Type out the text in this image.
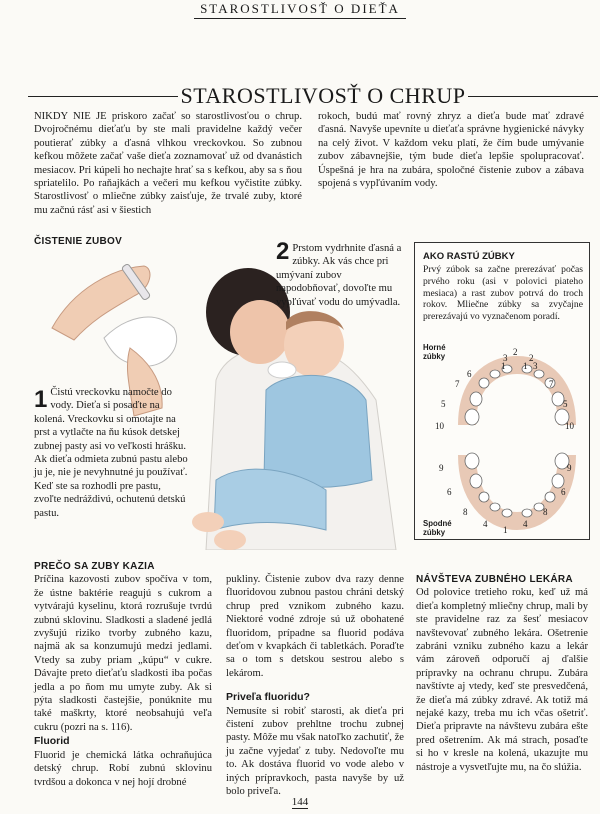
STAROSTLIVOSŤ O DIEŤA
STAROSTLIVOSŤ O CHRUP

NIKDY NIE JE priskoro začať so starostlivosťou o chrup. Dvojročnému dieťaťu by ste mali pravidelne každý večer poutierať zúbky a ďasná vlhkou vreckovkou. So zubnou kefkou môžete začať vaše dieťa zoznamovať už od dvanástich mesiacov. Pri kúpeli ho nechajte hrať sa s kefkou, aby sa s ňou spriatelilo. Po raňajkách a večeri mu kefkou vyčistite zúbky. Starostlivosť o mliečne zúbky zaisťuje, že trvalé zuby, ktoré mu začnú rásť asi v šiestich

rokoch, budú mať rovný zhryz a dieťa bude mať zdravé ďasná. Navyše upevníte u dieťaťa správne hygienické návyky na celý život. V každom veku platí, že čím bude umývanie zubov zábavnejšie, tým bude dieťa lepšie spolupracovať. Úspešná je hra na zubára, spoločné čistenie zubov a zábava spojená s vypľúvaním vody.

ČISTENIE ZUBOV	2 Prstom vydrhnite ďasná a zúbky. Ak vás chce pri umývaní zubov napodobňovať, dovoľte mu vypľúvať vodu do umývadla.
1 Čistú vreckovku namočte do vody. Dieťa si posaďte na kolená. Vreckovku si omotajte na prst a vytlačte na ňu kúsok detskej zubnej pasty asi vo veľkosti hrášku. Ak dieťa odmieta zubnú pastu alebo ju je, nie je nevyhnutné ju používať. Keď ste sa rozhodli pre pastu, zvoľte nedráždivú, ochutenú detskú pastu.
AKO RASTÚ ZÚBKY
Prvý zúbok sa začne prerezávať počas prvého roku (asi v polovici piateho mesiaca) a rast zubov potrvá do troch rokov. Mliečne zúbky sa zvyčajne prerezávajú vo vyznačenom poradí.
Horné zúbky
Spodné zúbky
3
2
1 1
2
3
7
6
7
5	5
10	10
9	9
6	6
8	8
4	4
1
PREČO SA ZUBY KAZIA

Príčina kazovosti zubov spočíva v tom, že ústne baktérie reagujú s cukrom a vytvárajú kyselinu, ktorá rozrušuje tvrdú zubnú sklovinu. Sladkosti a sladené jedlá zvyšujú riziko tvorby zubného kazu, najmä ak sa konzumujú medzi jedlami. Vtedy sa zuby priam „kúpu“ v cukre. Dávajte preto dieťaťu sladkosti iba počas jedla a po ňom mu umyte zuby. Ak si pýta sladkosti častejšie, ponúknite mu také maškrty, ktoré neobsahujú veľa cukru (pozri na s. 116).

Fluorid

Fluorid je chemická látka ochraňujúca detský chrup. Robí zubnú sklovinu tvrdšou a dokonca v nej hojí drobné

pukliny. Čistenie zubov dva razy denne fluoridovou zubnou pastou chráni detský chrup pred vznikom zubného kazu. Niektoré vodné zdroje sú už obohatené fluoridom, prípadne sa fluorid podáva deťom v kvapkách či tabletkách. Poraďte sa o tom s detskou sestrou alebo s lekárom.

Priveľa fluoridu?

Nemusíte si robiť starosti, ak dieťa pri čistení zubov prehltne trochu zubnej pasty. Môže mu však natoľko zachutiť, že ju začne vyjedať z tuby. Nedovoľte mu to. Ak dostáva fluorid vo vode alebo v iných prípravkoch, pasta navyše by už bolo priveľa.

NÁVŠTEVA ZUBNÉHO LEKÁRA

Od polovice tretieho roku, keď už má dieťa kompletný mliečny chrup, mali by ste pravidelne raz za šesť mesiacov navštevovať zubného lekára. Ošetrenie zabráni vzniku zubného kazu a lekár vám zároveň odporučí aj ďalšie prípravky na ochranu chrupu. Zubára navštívte aj vtedy, keď ste presvedčená, že dieťa má zúbky zdravé. Ak totiž má nejaké kazy, treba mu ich včas ošetriť. Dieťa pripravte na návštevu zubára ešte pred ošetrením. Ak má strach, posaďte si ho v kresle na kolená, ukazujte mu nástroje a vysvetľujte mu, na čo slúžia.

144
